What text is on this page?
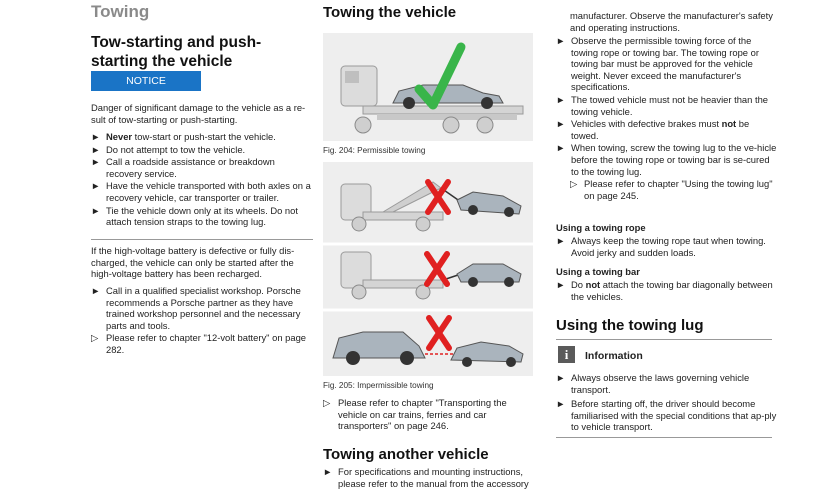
Towing
Tow-starting and push-starting the vehicle
NOTICE

Danger of significant damage to the vehicle as a re-sult of tow-starting or push-starting.

► Never tow-start or push-start the vehicle.
► Do not attempt to tow the vehicle.
► Call a roadside assistance or breakdown recovery service.
► Have the vehicle transported with both axles on a recovery vehicle, car transporter or trailer.
► Tie the vehicle down only at its wheels. Do not attach tension straps to the towing lug.

If the high-voltage battery is defective or fully dis-charged, the vehicle can only be started after the high-voltage battery has been recharged.

► Call in a qualified specialist workshop. Porsche recommends a Porsche partner as they have trained workshop personnel and the necessary parts and tools.
▷ Please refer to chapter "12-volt battery" on page 282.
Towing the vehicle
Fig. 204: Permissible towing
Fig. 205: Impermissible towing
▷ Please refer to chapter "Transporting the vehicle on car trains, ferries and car transporters" on page 246.
Towing another vehicle
► For specifications and mounting instructions, please refer to the manual from the accessory

manufacturer. Observe the manufacturer's safety and operating instructions.

► Observe the permissible towing force of the towing rope or towing bar. The towing rope or towing bar must be approved for the vehicle weight. Never exceed the manufacturer's specifications.
► The towed vehicle must not be heavier than the towing vehicle.
► Vehicles with defective brakes must not be towed.
► When towing, screw the towing lug to the ve-hicle before the towing rope or towing bar is se-cured to the towing lug.
▷ Please refer to chapter "Using the towing lug" on page 245.
Using a towing rope
► Always keep the towing rope taut when towing. Avoid jerky and sudden loads.
Using a towing bar
► Do not attach the towing bar diagonally between the vehicles.
Using the towing lug
i	Information
► Always observe the laws governing vehicle transport.
► Before starting off, the driver should become familiarised with the special conditions that ap-ply to vehicle transport.
